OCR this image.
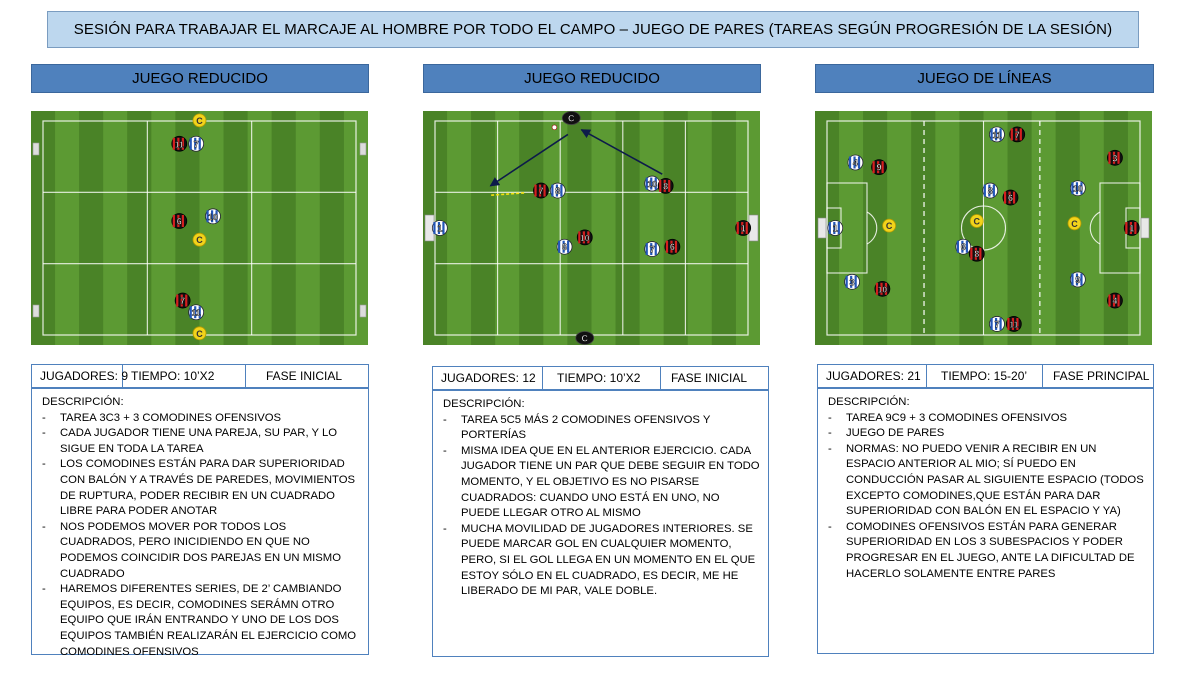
SESIÓN PARA TRABAJAR EL MARCAJE AL HOMBRE POR TODO EL CAMPO – JUEGO DE PARES (TAREAS SEGÚN PROGRESIÓN DE LA SESIÓN)
JUEGO REDUCIDO
C
11 7
6	10
C
7
11
C
JUGADORES: 9 TIEMPO: 10’X2	FASE INICIAL
DESCRIPCIÓN:
- TAREA 3C3 + 3 COMODINES OFENSIVOS
- CADA JUGADOR TIENE UNA PAREJA, SU PAR, Y LO SIGUE EN TODA LA TAREA
- LOS COMODINES ESTÁN PARA DAR SUPERIORIDAD CON BALÓN Y A TRAVÉS DE PAREDES, MOVIMIENTOS DE RUPTURA, PODER RECIBIR EN UN CUADRADO LIBRE PARA PODER ANOTAR
- NOS PODEMOS MOVER POR TODOS LOS CUADRADOS, PERO INICIDIENDO EN QUE NO PODEMOS COINCIDIR DOS PAREJAS EN UN MISMO CUADRADO
- HAREMOS DIFERENTES SERIES, DE 2’ CAMBIANDO EQUIPOS, ES DECIR, COMODINES SERÁMN OTRO EQUIPO QUE IRÁN ENTRANDO Y UNO DE LOS DOS EQUIPOS TAMBIÉN REALIZARÁN EL EJERCICIO COMO COMODINES OFENSIVOS
JUEGO REDUCIDO
C
7 8
10 8
1	1
6
10
7 6
C
JUGADORES: 12	TIEMPO: 10’X2	FASE INICIAL
DESCRIPCIÓN:
- TAREA 5C5 MÁS 2 COMODINES OFENSIVOS Y PORTERÍAS
- MISMA IDEA QUE EN EL ANTERIOR EJERCICIO. CADA JUGADOR TIENE UN PAR QUE DEBE SEGUIR EN TODO MOMENTO, Y EL OBJETIVO ES NO PISARSE CUADRADOS: CUANDO UNO ESTÁ EN UNO, NO PUEDE LLEGAR OTRO AL MISMO
- MUCHA MOVILIDAD DE JUGADORES INTERIORES. SE PUEDE MARCAR GOL EN CUALQUIER MOMENTO, PERO, SI EL GOL LLEGA EN UN MOMENTO EN EL QUE ESTOY SÓLO EN EL CUADRADO, ES DECIR, ME HE LIBERADO DE MI PAR, VALE DOBLE.
JUEGO DE LÍNEAS
11 7
3
4 9
10
8
6
1	C	C	C	1
6
8
3
10
9
4
7 11
JUGADORES: 21	TIEMPO: 15-20’	FASE PRINCIPAL
DESCRIPCIÓN:
- TAREA 9C9 + 3 COMODINES OFENSIVOS
- JUEGO DE PARES
- NORMAS: NO PUEDO VENIR A RECIBIR EN UN ESPACIO ANTERIOR AL MIO; SÍ PUEDO EN CONDUCCIÓN PASAR AL SIGUIENTE ESPACIO (TODOS EXCEPTO COMODINES,QUE ESTÁN PARA DAR SUPERIORIDAD CON BALÓN EN EL ESPACIO Y YA)
- COMODINES OFENSIVOS ESTÁN PARA GENERAR SUPERIORIDAD EN LOS 3 SUBESPACIOS Y PODER PROGRESAR EN EL JUEGO, ANTE LA DIFICULTAD DE HACERLO SOLAMENTE ENTRE PARES
